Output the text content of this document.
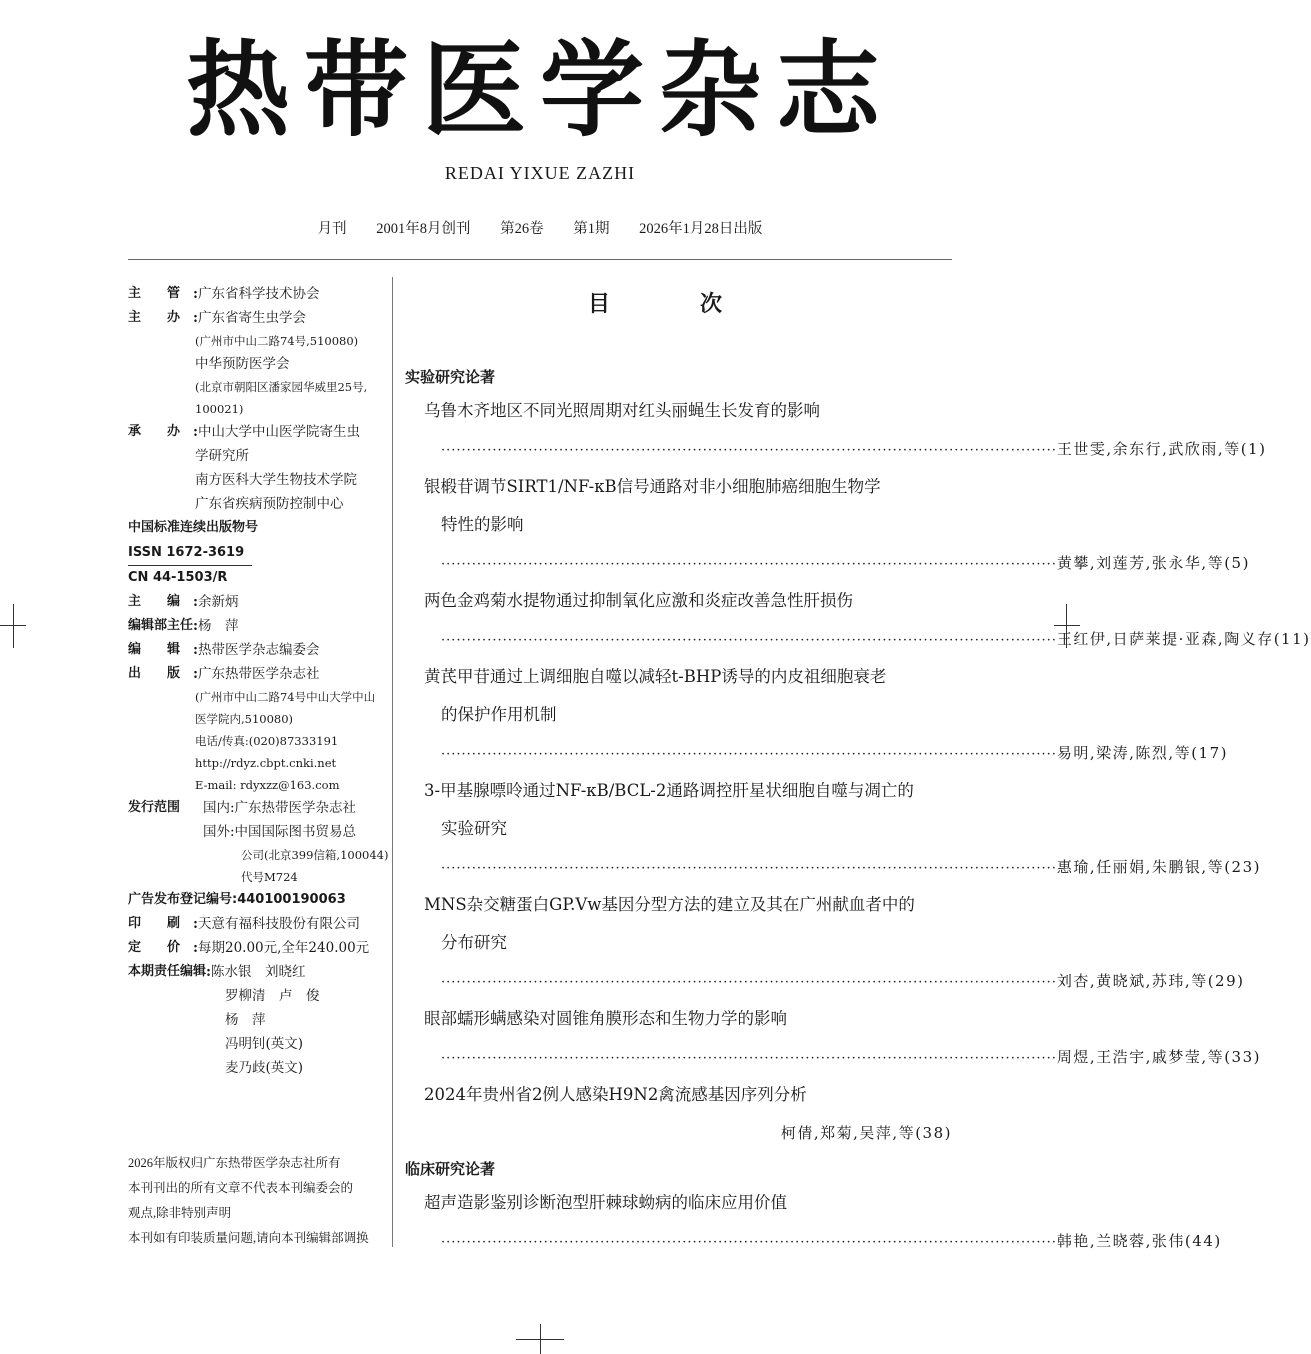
热带医学杂志
REDAI YIXUE ZAZHI
月刊 2001年8月创刊 第26卷 第1期 2026年1月28日出版
主　管 : 广东省科学技术协会
主　办 : 广东省寄生虫学会
(广州市中山二路74号,510080)
中华预防医学会
(北京市朝阳区潘家园华威里25号,
100021)
承　办 : 中山大学中山医学院寄生虫
学研究所
南方医科大学生物技术学院
广东省疾病预防控制中心
中国标准连续出版物号
ISSN 1672-3619
CN 44-1503/R
主　编 : 余新炳
编辑部主任 : 杨　萍
编　辑 : 热带医学杂志编委会
出　版 : 广东热带医学杂志社
(广州市中山二路74号中山大学中山
医学院内,510080)
电话/传真:(020)87333191
http://rdyz.cbpt.cnki.net
E-mail: rdyxzz@163.com
发行范围	国内:广东热带医学杂志社
国外:中国国际图书贸易总
公司(北京399信箱,100044)
代号M724
广告发布登记编号:440100190063
印　刷 : 天意有福科技股份有限公司
定　价 : 每期20.00元,全年240.00元
本期责任编辑 : 陈水银　刘晓红
罗柳清　卢　俊
杨　萍
冯明钊(英文)
麦乃歧(英文)
2026年版权归广东热带医学杂志社所有
本刊刊出的所有文章不代表本刊编委会的
观点,除非特别声明
本刊如有印装质量问题,请向本刊编辑部调换
目　次
实验研究论著
乌鲁木齐地区不同光照周期对红头丽蝇生长发育的影响
························································································································ 王世雯,余东行,武欣雨,等(1)
银椴苷调节SIRT1/NF-κB信号通路对非小细胞肺癌细胞生物学
特性的影响
························································································································ 黄攀,刘莲芳,张永华,等(5)
两色金鸡菊水提物通过抑制氧化应激和炎症改善急性肝损伤
························································································································ 王红伊,日萨莱提·亚森,陶义存(11)
黄芪甲苷通过上调细胞自噬以减轻t-BHP诱导的内皮祖细胞衰老
的保护作用机制
························································································································ 易明,梁涛,陈烈,等(17)
3-甲基腺嘌呤通过NF-κB/BCL-2通路调控肝星状细胞自噬与凋亡的
实验研究
························································································································ 惠瑜,任丽娟,朱鹏银,等(23)
MNS杂交糖蛋白GP.Vw基因分型方法的建立及其在广州献血者中的
分布研究
························································································································ 刘杏,黄晓斌,苏玮,等(29)
眼部蠕形螨感染对圆锥角膜形态和生物力学的影响
························································································································ 周煜,王浩宇,戚梦莹,等(33)
2024年贵州省2例人感染H9N2禽流感基因序列分析
柯倩,郑菊,吴萍,等(38)
临床研究论著
超声造影鉴别诊断泡型肝棘球蚴病的临床应用价值
························································································································ 韩艳,兰晓蓉,张伟(44)
